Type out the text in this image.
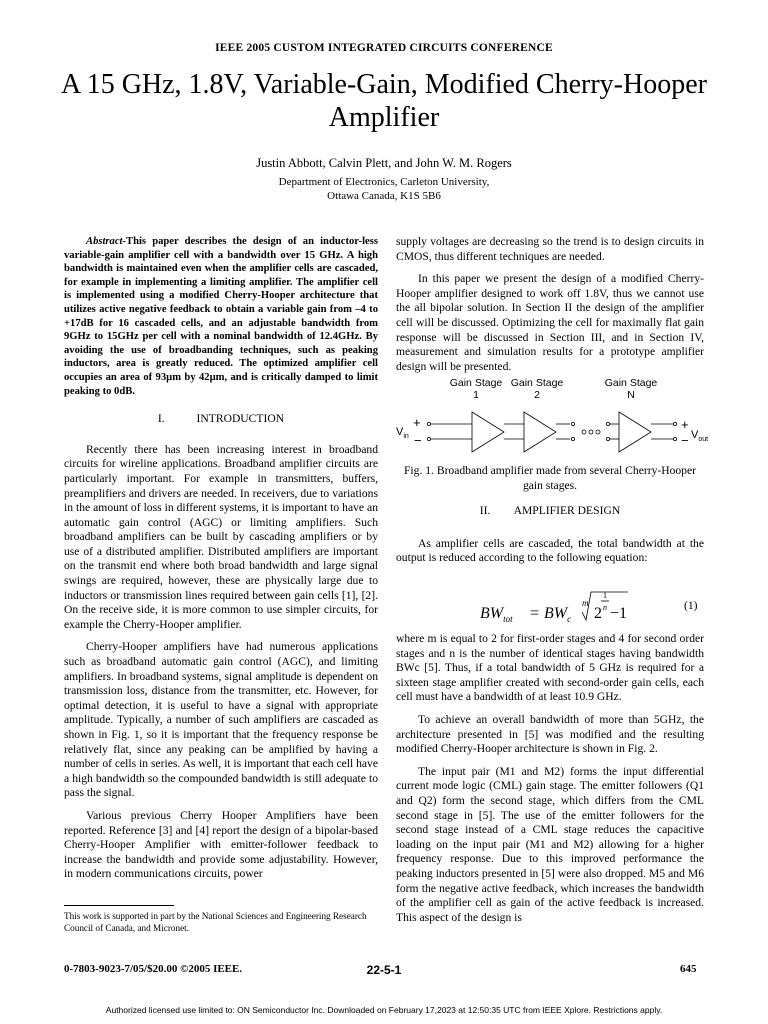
IEEE 2005 CUSTOM INTEGRATED CIRCUITS CONFERENCE
A 15 GHz, 1.8V, Variable-Gain, Modified Cherry-Hooper Amplifier
Justin Abbott, Calvin Plett, and John W. M. Rogers
Department of Electronics, Carleton University,
Ottawa Canada, K1S 5B6

Abstract-This paper describes the design of an inductor-less variable-gain amplifier cell with a bandwidth over 15 GHz. A high bandwidth is maintained even when the amplifier cells are cascaded, for example in implementing a limiting amplifier. The amplifier cell is implemented using a modified Cherry-Hooper architecture that utilizes active negative feedback to obtain a variable gain from –4 to +17dB for 16 cascaded cells, and an adjustable bandwidth from 9GHz to 15GHz per cell with a nominal bandwidth of 12.4GHz. By avoiding the use of broadbanding techniques, such as peaking inductors, area is greatly reduced. The optimized amplifier cell occupies an area of 93µm by 42µm, and is critically damped to limit peaking to 0dB.

I.           INTRODUCTION

Recently there has been increasing interest in broadband circuits for wireline applications. Broadband amplifier circuits are particularly important. For example in transmitters, buffers, preamplifiers and drivers are needed. In receivers, due to variations in the amount of loss in different systems, it is important to have an automatic gain control (AGC) or limiting amplifiers. Such broadband amplifiers can be built by cascading amplifiers or by use of a distributed amplifier. Distributed amplifiers are important on the transmit end where both broad bandwidth and large signal swings are required, however, these are physically large due to inductors or transmission lines required between gain cells [1], [2]. On the receive side, it is more common to use simpler circuits, for example the Cherry-Hooper amplifier.

Cherry-Hooper amplifiers have had numerous applications such as broadband automatic gain control (AGC), and limiting amplifiers. In broadband systems, signal amplitude is dependent on transmission loss, distance from the transmitter, etc. However, for optimal detection, it is useful to have a signal with appropriate amplitude. Typically, a number of such amplifiers are cascaded as shown in Fig. 1, so it is important that the frequency response be relatively flat, since any peaking can be amplified by having a number of cells in series. As well, it is important that each cell have a high bandwidth so the compounded bandwidth is still adequate to pass the signal.

Various previous Cherry Hooper Amplifiers have been reported. Reference [3] and [4] report the design of a bipolar-based Cherry-Hooper Amplifier with emitter-follower feedback to increase the bandwidth and provide some adjustability. However, in modern communications circuits, power

This work is supported in part by the National Sciences and Engineering Research Council of Canada, and Micronet.

supply voltages are decreasing so the trend is to design circuits in CMOS, thus different techniques are needed.

In this paper we present the design of a modified Cherry-Hooper amplifier designed to work off 1.8V, thus we cannot use the all bipolar solution. In Section II the design of the amplifier cell will be discussed. Optimizing the cell for maximally flat gain response will be discussed in Section III, and in Section IV, measurement and simulation results for a prototype amplifier design will be presented.

Gain Stage
1
Gain Stage
2
Gain Stage
N
$V_{in}$
+
−
+
− $V_{out}$
Fig. 1. Broadband amplifier made from several Cherry-Hooper gain stages.
II.        AMPLIFIER DESIGN

As amplifier cells are cascaded, the total bandwidth at the output is reduced according to the following equation:

$BW_{tot} = BW_c$
m
2
1
n −1	(1)

where m is equal to 2 for first-order stages and 4 for second order stages and n is the number of identical stages having bandwidth BWc [5]. Thus, if a total bandwidth of 5 GHz is required for a sixteen stage amplifier created with second-order gain cells, each cell must have a bandwidth of at least 10.9 GHz.

To achieve an overall bandwidth of more than 5GHz, the architecture presented in [5] was modified and the resulting modified Cherry-Hooper architecture is shown in Fig. 2.

The input pair (M1 and M2) forms the input differential current mode logic (CML) gain stage. The emitter followers (Q1 and Q2) form the second stage, which differs from the CML second stage in [5]. The use of the emitter followers for the second stage instead of a CML stage reduces the capacitive loading on the input pair (M1 and M2) allowing for a higher frequency response. Due to this improved performance the peaking inductors presented in [5] were also dropped. M5 and M6 form the negative active feedback, which increases the bandwidth of the amplifier cell as gain of the active feedback is increased. This aspect of the design is

0-7803-9023-7/05/$20.00 ©2005 IEEE.	22-5-1	645
Authorized licensed use limited to: ON Semiconductor Inc. Downloaded on February 17,2023 at 12:50:35 UTC from IEEE Xplore. Restrictions apply.
